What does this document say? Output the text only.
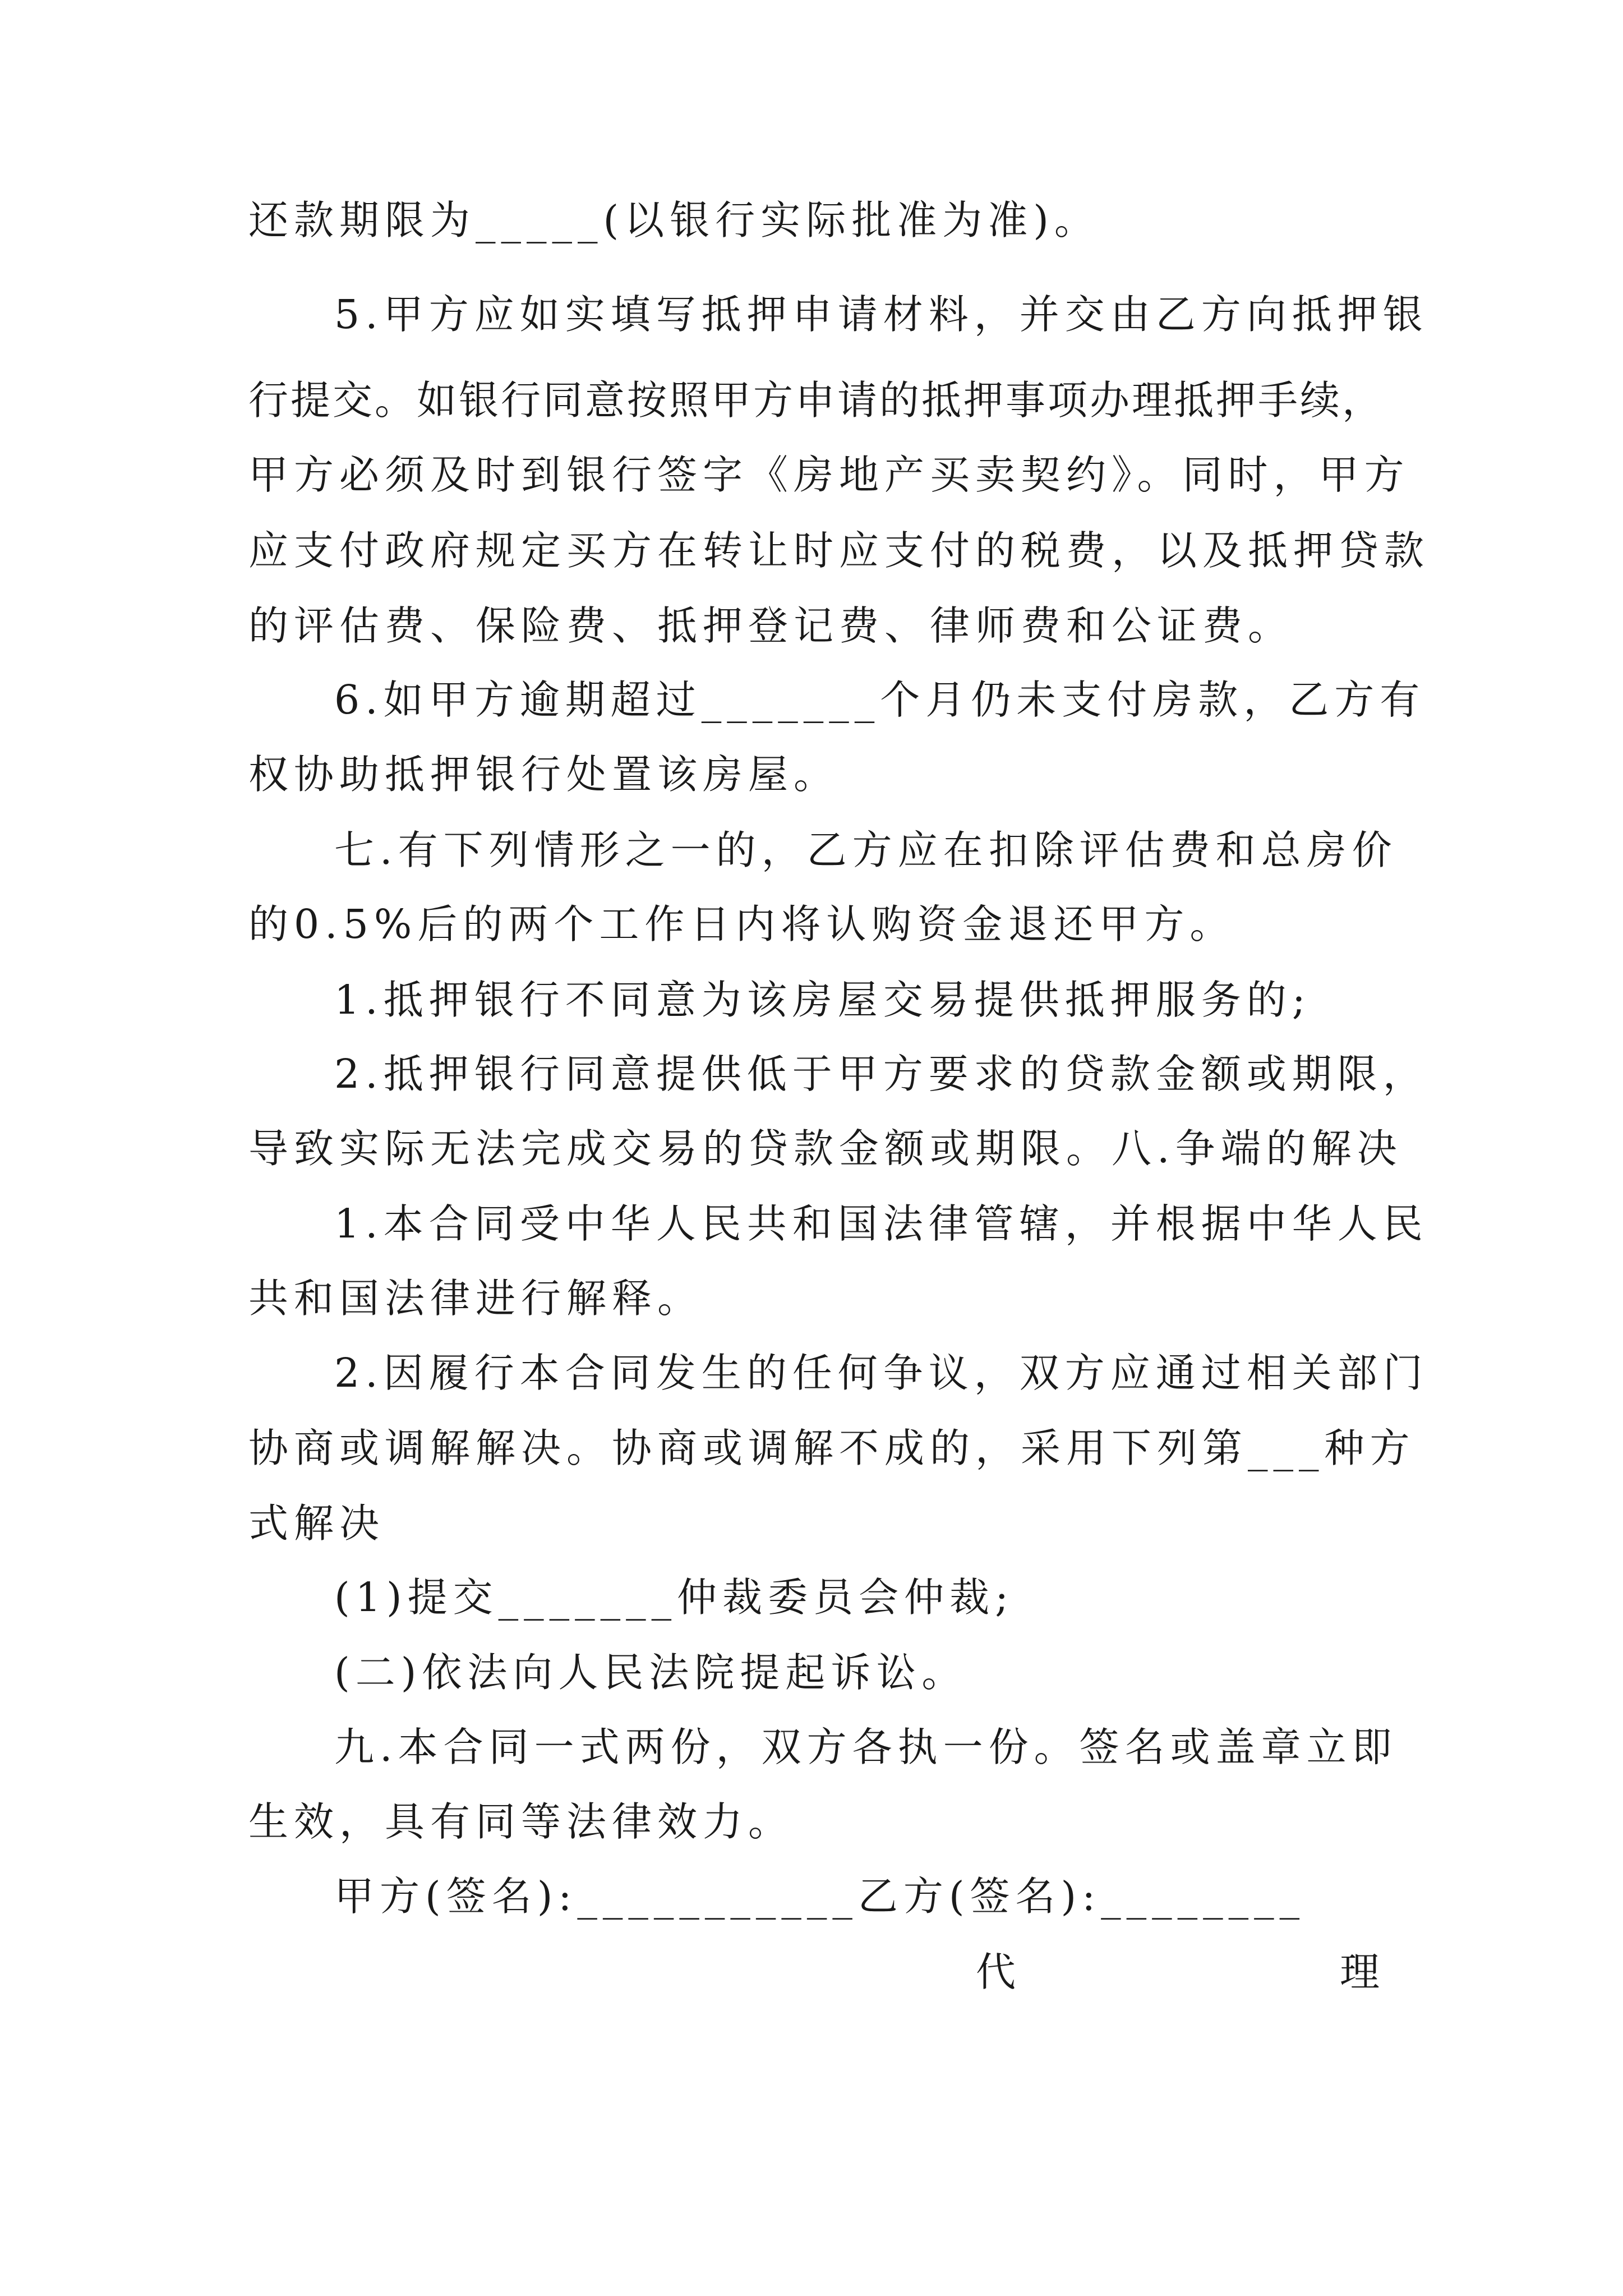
还款期限为_____(以银行实际批准为准)。
5.甲方应如实填写抵押申请材料，并交由乙方向抵押银
行提交。如银行同意按照甲方申请的抵押事项办理抵押手续，
甲方必须及时到银行签字《房地产买卖契约》。同时，甲方
应支付政府规定买方在转让时应支付的税费，以及抵押贷款
的评估费、保险费、抵押登记费、律师费和公证费。
6.如甲方逾期超过_______个月仍未支付房款，乙方有
权协助抵押银行处置该房屋。
七.有下列情形之一的，乙方应在扣除评估费和总房价
的0.5%后的两个工作日内将认购资金退还甲方。
1.抵押银行不同意为该房屋交易提供抵押服务的;
2.抵押银行同意提供低于甲方要求的贷款金额或期限，
导致实际无法完成交易的贷款金额或期限。八.争端的解决
1.本合同受中华人民共和国法律管辖，并根据中华人民
共和国法律进行解释。
2.因履行本合同发生的任何争议，双方应通过相关部门
协商或调解解决。协商或调解不成的，采用下列第___种方
式解决
(1)提交_______仲裁委员会仲裁;
(二)依法向人民法院提起诉讼。
九.本合同一式两份，双方各执一份。签名或盖章立即
生效，具有同等法律效力。
甲方(签名):___________乙方(签名):________
代	理
